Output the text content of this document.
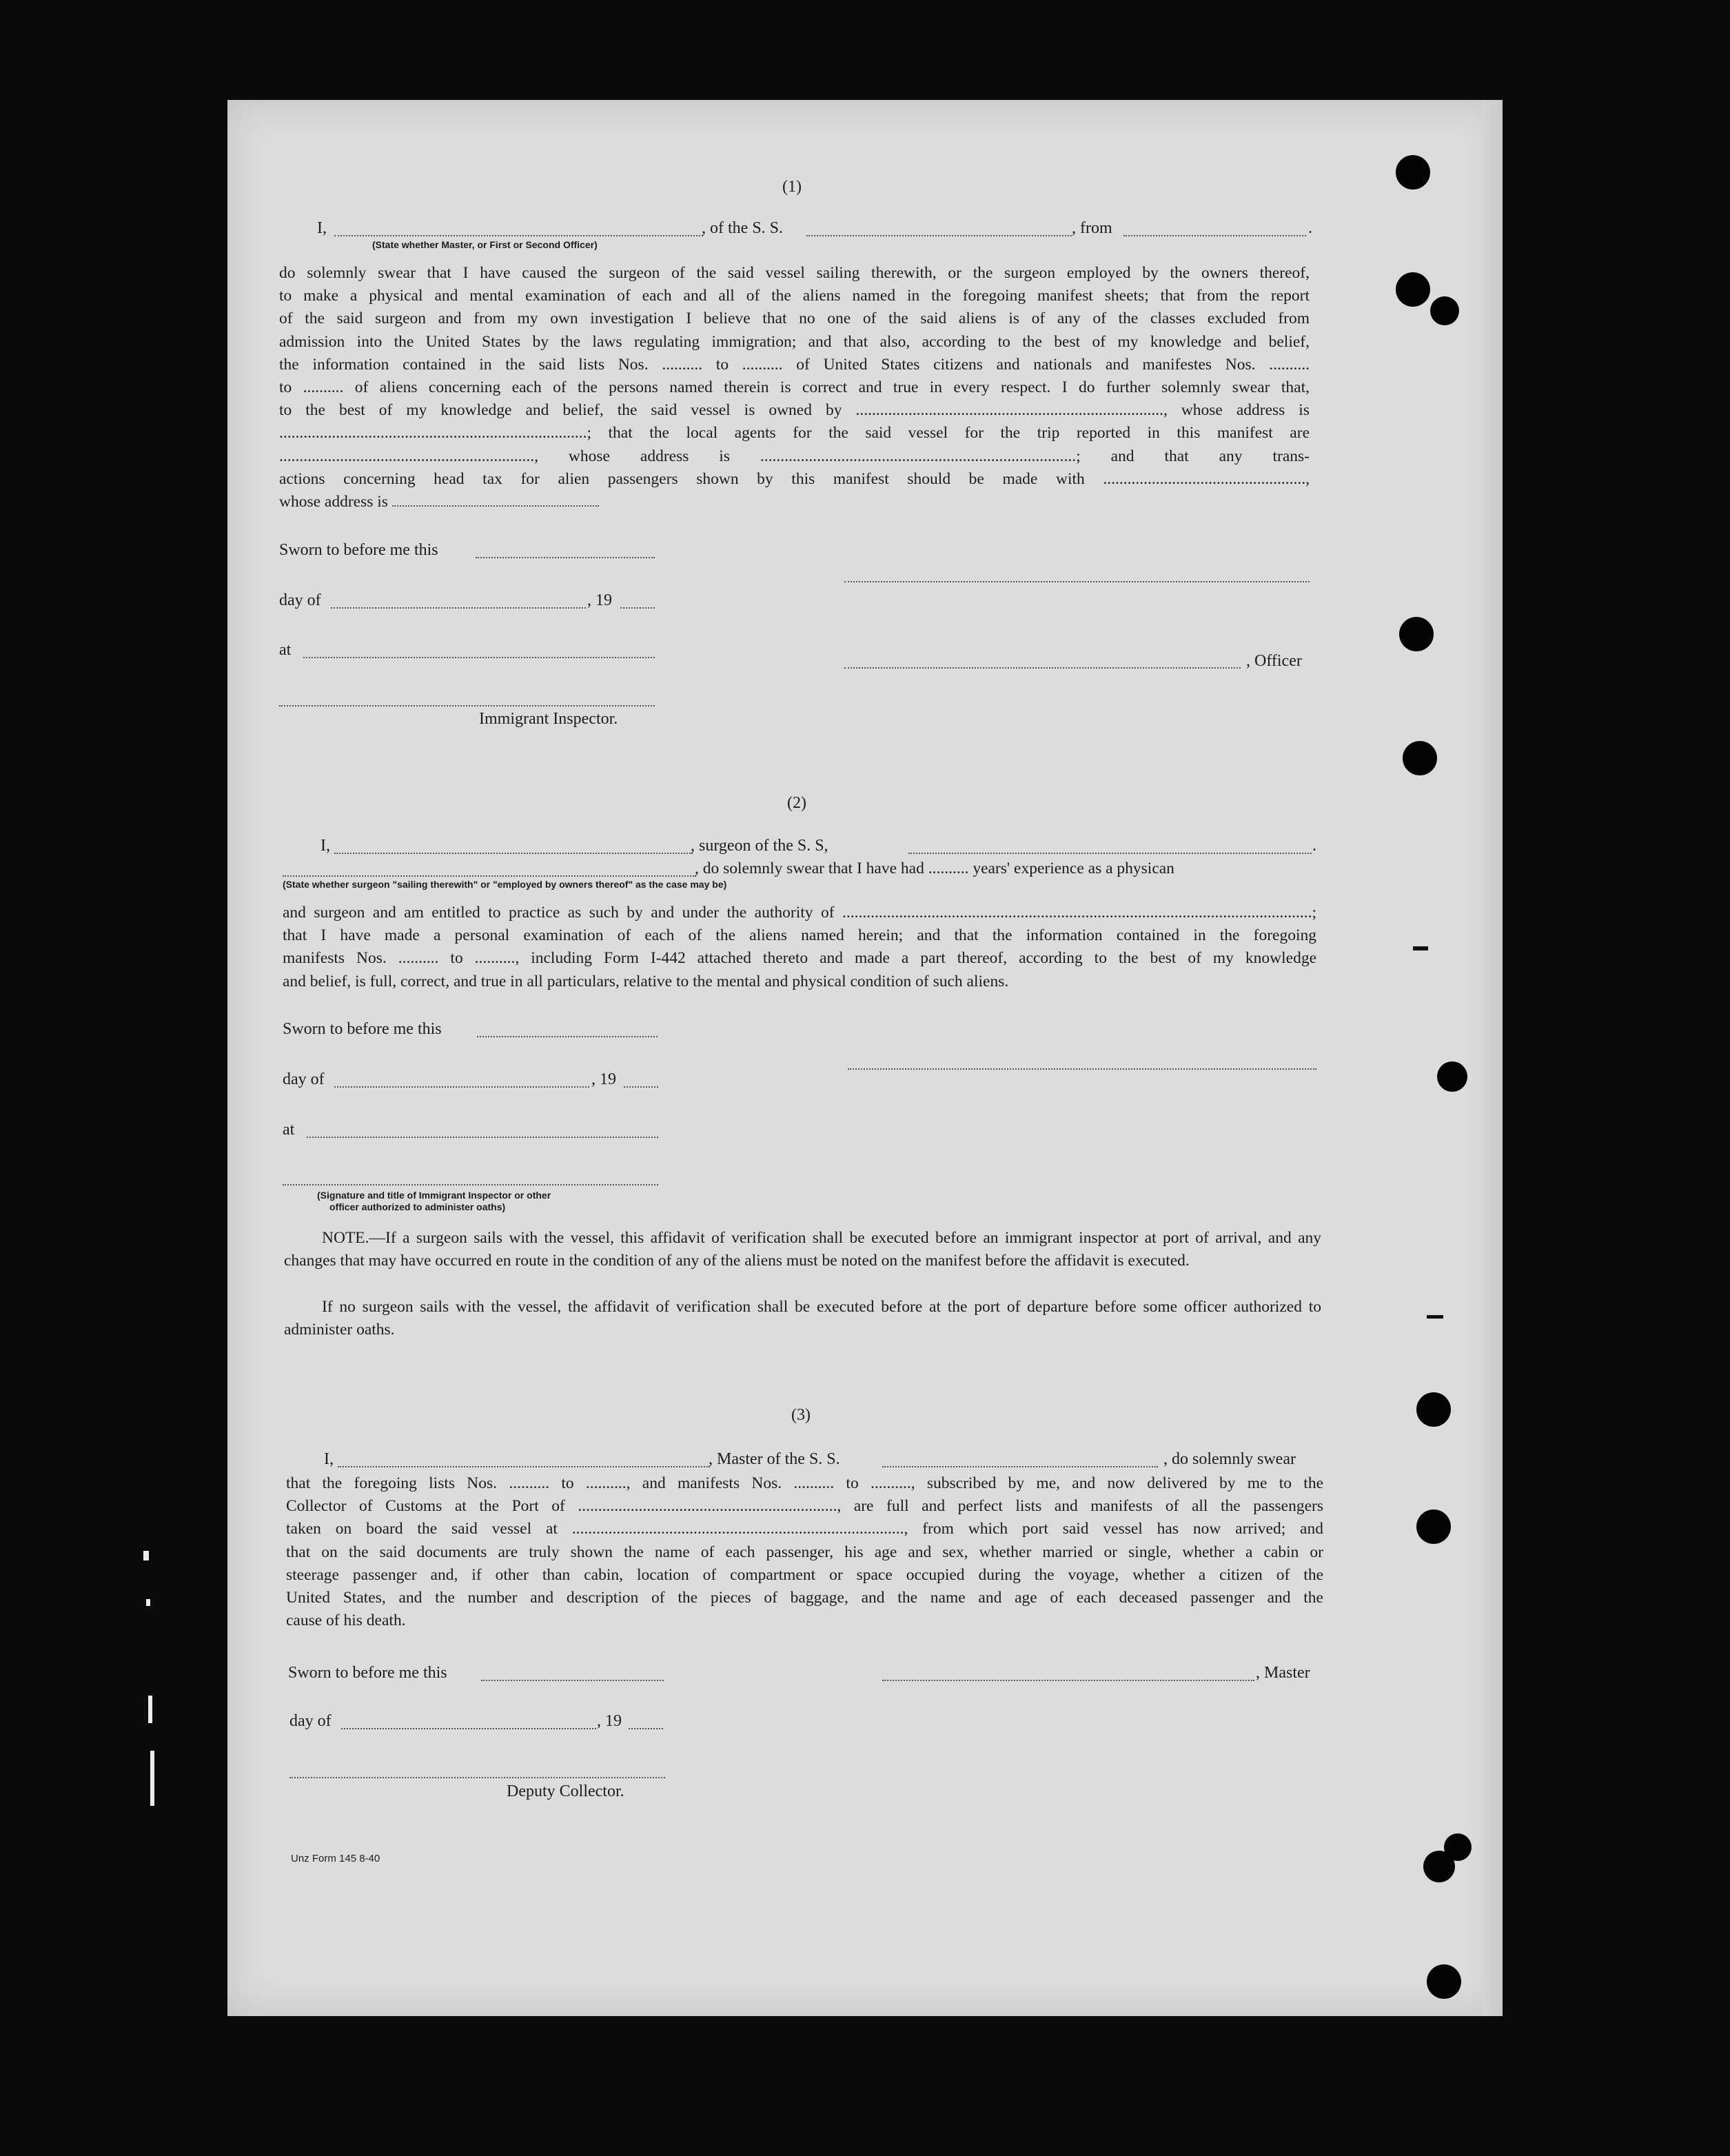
(1)
I,	, of the S. S.	, from	.
(State whether Master, or First or Second Officer)
do solemnly swear that I have caused the surgeon of the said vessel sailing therewith, or the surgeon employed by the owners thereof,
to make a physical and mental examination of each and all of the aliens named in the foregoing manifest sheets; that from the report
of the said surgeon and from my own investigation I believe that no one of the said aliens is of any of the classes excluded from
admission into the United States by the laws regulating immigration; and that also, according to the best of my knowledge and belief,
the information contained in the said lists Nos. .......... to .......... of United States citizens and nationals and manifestes Nos. ..........
to .......... of aliens concerning each of the persons named therein is correct and true in every respect. I do further solemnly swear that,
to the best of my knowledge and belief, the said vessel is owned by ............................................................................, whose address is
............................................................................; that the local agents for the said vessel for the trip reported in this manifest are
..............................................................., whose address is ..............................................................................; and that any trans-
actions concerning head tax for alien passengers shown by this manifest should be made with ..................................................,
whose address is
Sworn to before me this
day of	, 19
at
, Officer
Immigrant Inspector.
(2)
I,	, surgeon of the S. S,	.
, do solemnly swear that I have had .......... years' experience as a physican
(State whether surgeon "sailing therewith" or "employed by owners thereof" as the case may be)
and surgeon and am entitled to practice as such by and under the authority of ....................................................................................................................;
that I have made a personal examination of each of the aliens named herein; and that the information contained in the foregoing
manifests Nos. .......... to .........., including Form I-442 attached thereto and made a part thereof, according to the best of my knowledge
and belief, is full, correct, and true in all particulars, relative to the mental and physical condition of such aliens.
Sworn to before me this
day of	, 19
at
(Signature and title of Immigrant Inspector or other
officer authorized to administer oaths)
NOTE.—If a surgeon sails with the vessel, this affidavit of verification shall be executed before an immigrant inspector at port of arrival, and any changes that may have occurred en route in the condition of any of the aliens must be noted on the manifest before the affidavit is executed.
If no surgeon sails with the vessel, the affidavit of verification shall be executed before at the port of departure before some officer authorized to administer oaths.
(3)
I,	, Master of the S. S.	, do solemnly swear
that the foregoing lists Nos. .......... to .........., and manifests Nos. .......... to .........., subscribed by me, and now delivered by me to the
Collector of Customs at the Port of ................................................................, are full and perfect lists and manifests of all the passengers
taken on board the said vessel at .................................................................................., from which port said vessel has now arrived; and
that on the said documents are truly shown the name of each passenger, his age and sex, whether married or single, whether a cabin or
steerage passenger and, if other than cabin, location of compartment or space occupied during the voyage, whether a citizen of the
United States, and the number and description of the pieces of baggage, and the name and age of each deceased passenger and the
cause of his death.
Sworn to before me this	, Master
day of	, 19
Deputy Collector.
Unz Form 145 8-40
